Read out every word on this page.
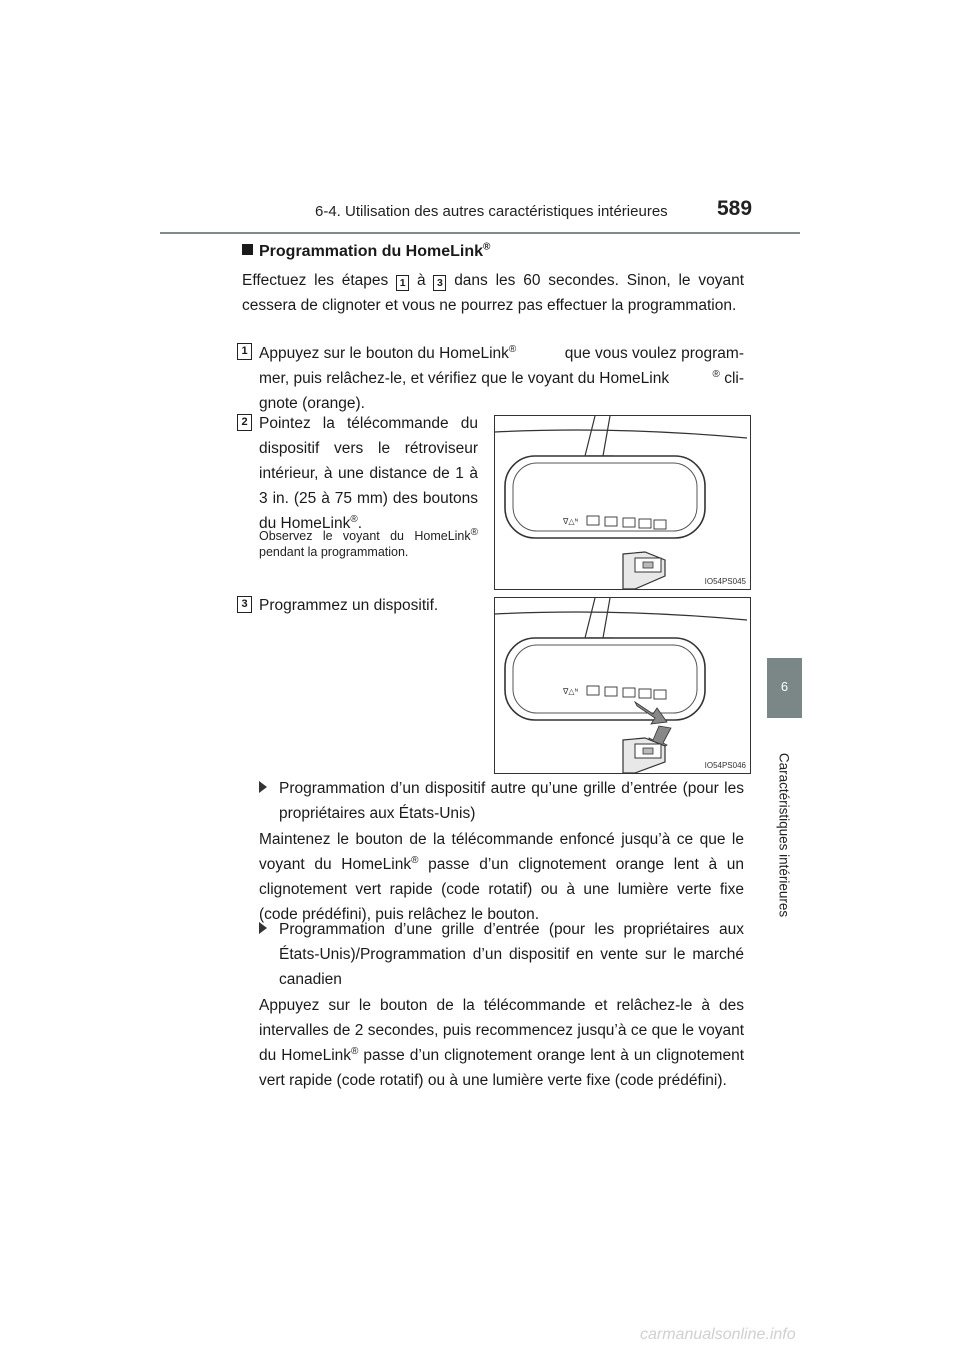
6-4. Utilisation des autres caractéristiques intérieures 589
6
Caractéristiques intérieures
Programmation du HomeLink®

Effectuez les étapes 1 à 3 dans les 60 secondes. Sinon, le voyant cessera de clignoter et vous ne pourrez pas effectuer la programmation.

1 Appuyez sur le bouton du HomeLink®	que vous voulez program-
mer, puis relâchez-le, et vérifiez que le voyant du HomeLink	® cli-
gnote (orange).
2 Pointez la télécommande du dispositif vers le rétroviseur intérieur, à une distance de 1 à 3 in. (25 à 75 mm) des boutons du HomeLink®.

Observez le voyant du HomeLink® pendant la programmation.

∇△ᴺ
IO54PS045
3 Programmez un dispositif.
∇△ᴺ
IO54PS046
Programmation d’un dispositif autre qu’une grille d’entrée (pour les propriétaires aux États-Unis)

Maintenez le bouton de la télécommande enfoncé jusqu’à ce que le voyant du HomeLink® passe d’un clignotement orange lent à un clignotement vert rapide (code rotatif) ou à une lumière verte fixe (code prédéfini), puis relâchez le bouton.

Programmation d’une grille d’entrée (pour les propriétaires aux États-Unis)/Programmation d’un dispositif en vente sur le marché canadien

Appuyez sur le bouton de la télécommande et relâchez-le à des intervalles de 2 secondes, puis recommencez jusqu’à ce que le voyant du HomeLink® passe d’un clignotement orange lent à un clignotement vert rapide (code rotatif) ou à une lumière verte fixe (code prédéfini).

carmanualsonline.info
